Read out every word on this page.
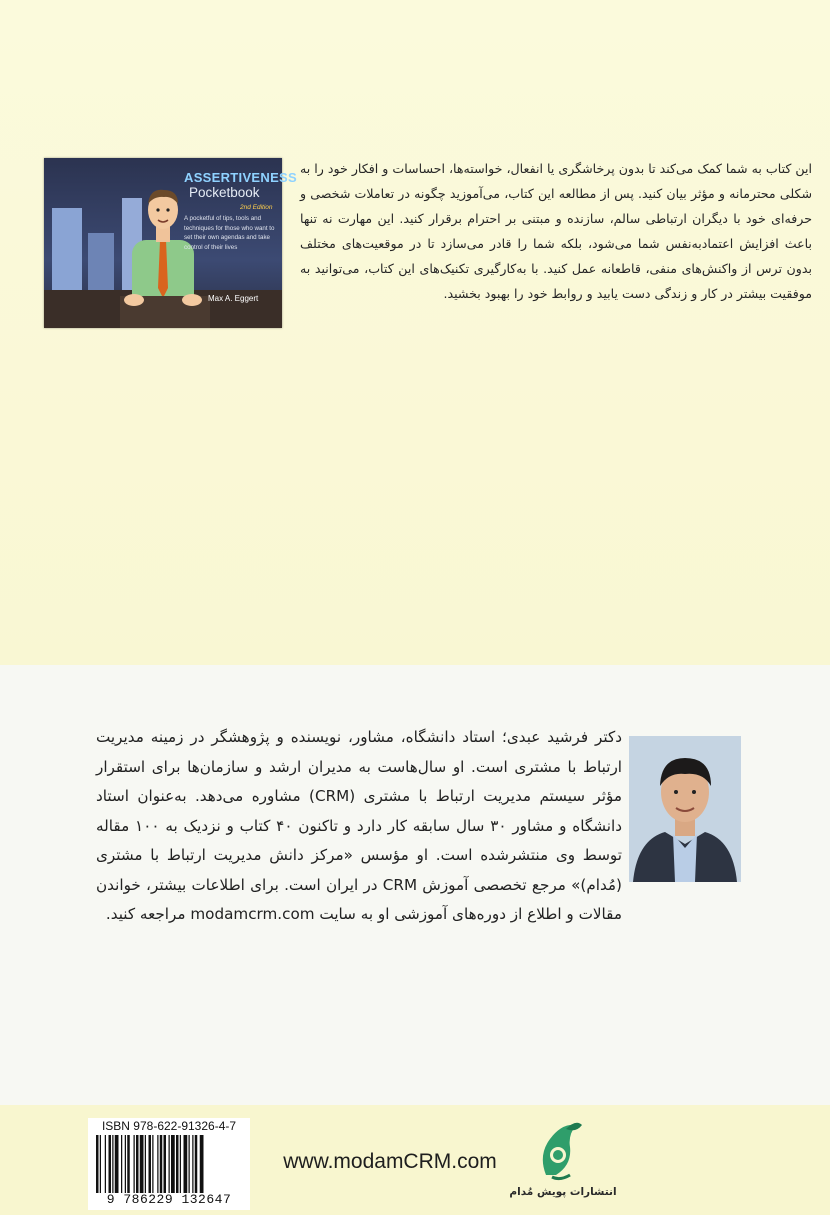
ASSERTIVENESS
Pocketbook
2nd Edition
A pocketful of tips, tools and techniques for those who want to set their own agendas and take control of their lives
Max A. Eggert
این کتاب به شما کمک می‌کند تا بدون پرخاشگری یا انفعال، خواسته‌ها، احساسات و افکار خود را به شکلی محترمانه و مؤثر بیان کنید. پس از مطالعه این کتاب، می‌آموزید چگونه در تعاملات شخصی و حرفه‌ای خود با دیگران ارتباطی سالم، سازنده و مبتنی بر احترام برقرار کنید. این مهارت نه تنها باعث افزایش اعتمادبه‌نفس شما می‌شود، بلکه شما را قادر می‌سازد تا در موقعیت‌های مختلف بدون ترس از واکنش‌های منفی، قاطعانه عمل کنید. با به‌کارگیری تکنیک‌های این کتاب، می‌توانید به موفقیت بیشتر در کار و زندگی دست یابید و روابط خود را بهبود بخشید.
دکتر فرشید عبدی؛ استاد دانشگاه، مشاور، نویسنده و پژوهشگر در زمینه مدیریت ارتباط با مشتری است. او سال‌هاست به مدیران ارشد و سازمان‌ها برای استقرار مؤثر سیستم مدیریت ارتباط با مشتری (CRM) مشاوره می‌دهد. به‌عنوان استاد دانشگاه و مشاور ۳۰ سال سابقه کار دارد و تاکنون ۴۰ کتاب و نزدیک به ۱۰۰ مقاله توسط وی منتشرشده است. او مؤسس «مرکز دانش مدیریت ارتباط با مشتری (مُدام)» مرجع تخصصی آموزش CRM در ایران است. برای اطلاعات بیشتر، خواندن مقالات و اطلاع از دوره‌های آموزشی او به سایت modamcrm.com مراجعه کنید.
ISBN 978-622-91326-4-7
9 786229 132647
www.modamCRM.com
انتشارات پویش مُدام
